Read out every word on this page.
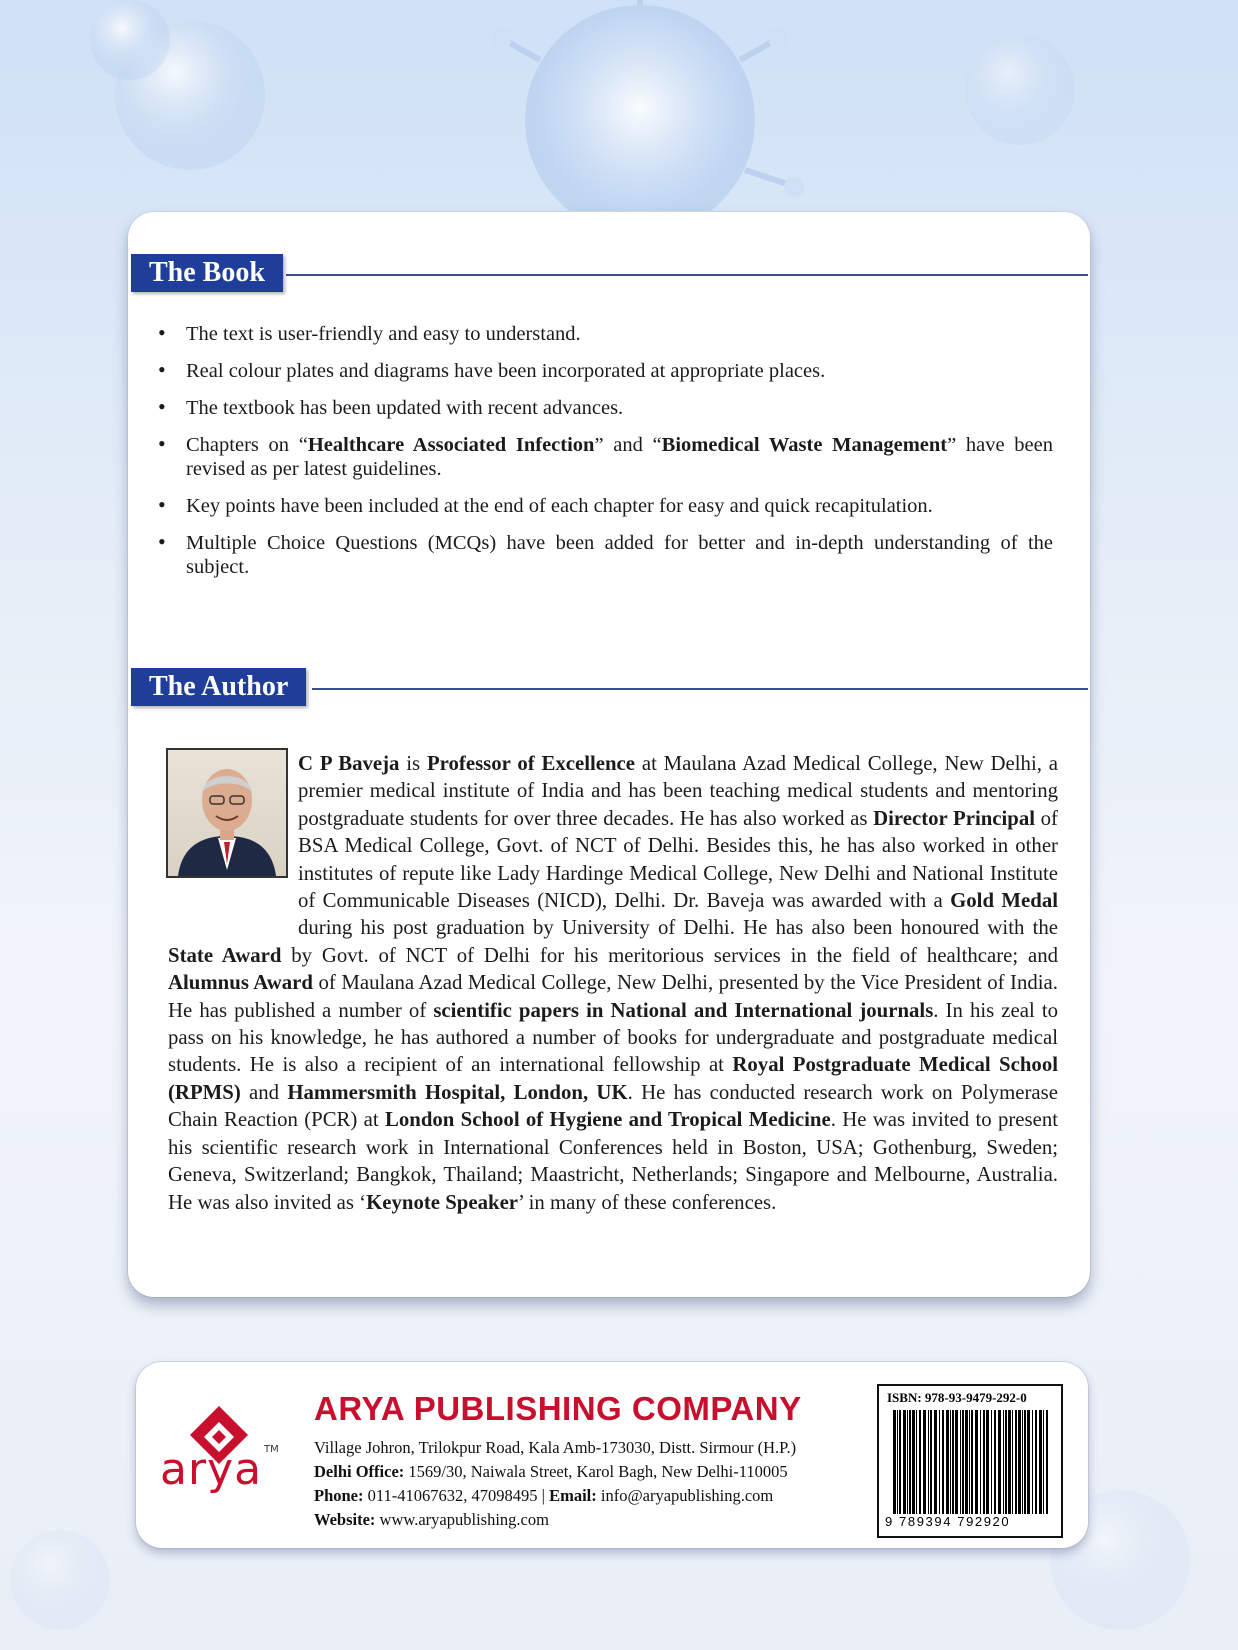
The Book
• The text is user-friendly and easy to understand.
• Real colour plates and diagrams have been incorporated at appropriate places.
• The textbook has been updated with recent advances.
• Chapters on “Healthcare Associated Infection” and “Biomedical Waste Management” have been revised as per latest guidelines.
• Key points have been included at the end of each chapter for easy and quick recapitulation.
• Multiple Choice Questions (MCQs) have been added for better and in-depth understanding of the subject.
The Author

C P Baveja is Professor of Excellence at Maulana Azad Medical College, New Delhi, a premier medical institute of India and has been teaching medical students and mentoring postgraduate students for over three decades. He has also worked as Director Principal of BSA Medical College, Govt. of NCT of Delhi. Besides this, he has also worked in other institutes of repute like Lady Hardinge Medical College, New Delhi and National Institute of Communicable Diseases (NICD), Delhi. Dr. Baveja was awarded with a Gold Medal during his post graduation by University of Delhi. He has also been honoured with the State Award by Govt. of NCT of Delhi for his meritorious services in the field of healthcare; and Alumnus Award of Maulana Azad Medical College, New Delhi, presented by the Vice President of India. He has published a number of scientific papers in National and International journals. In his zeal to pass on his knowledge, he has authored a number of books for undergraduate and postgraduate medical students. He is also a recipient of an international fellowship at Royal Postgraduate Medical School (RPMS) and Hammersmith Hospital, London, UK. He has conducted research work on Polymerase Chain Reaction (PCR) at London School of Hygiene and Tropical Medicine. He was invited to present his scientific research work in International Conferences held in Boston, USA; Gothenburg, Sweden; Geneva, Switzerland; Bangkok, Thailand; Maastricht, Netherlands; Singapore and Melbourne, Australia. He was also invited as ‘Keynote Speaker’ in many of these conferences.

arya TM
ARYA PUBLISHING COMPANY
Village Johron, Trilokpur Road, Kala Amb-173030, Distt. Sirmour (H.P.)
Delhi Office: 1569/30, Naiwala Street, Karol Bagh, New Delhi-110005
Phone: 011-41067632, 47098495 | Email: info@aryapublishing.com
Website: www.aryapublishing.com
ISBN: 978-93-9479-292-0
9 789394 792920
